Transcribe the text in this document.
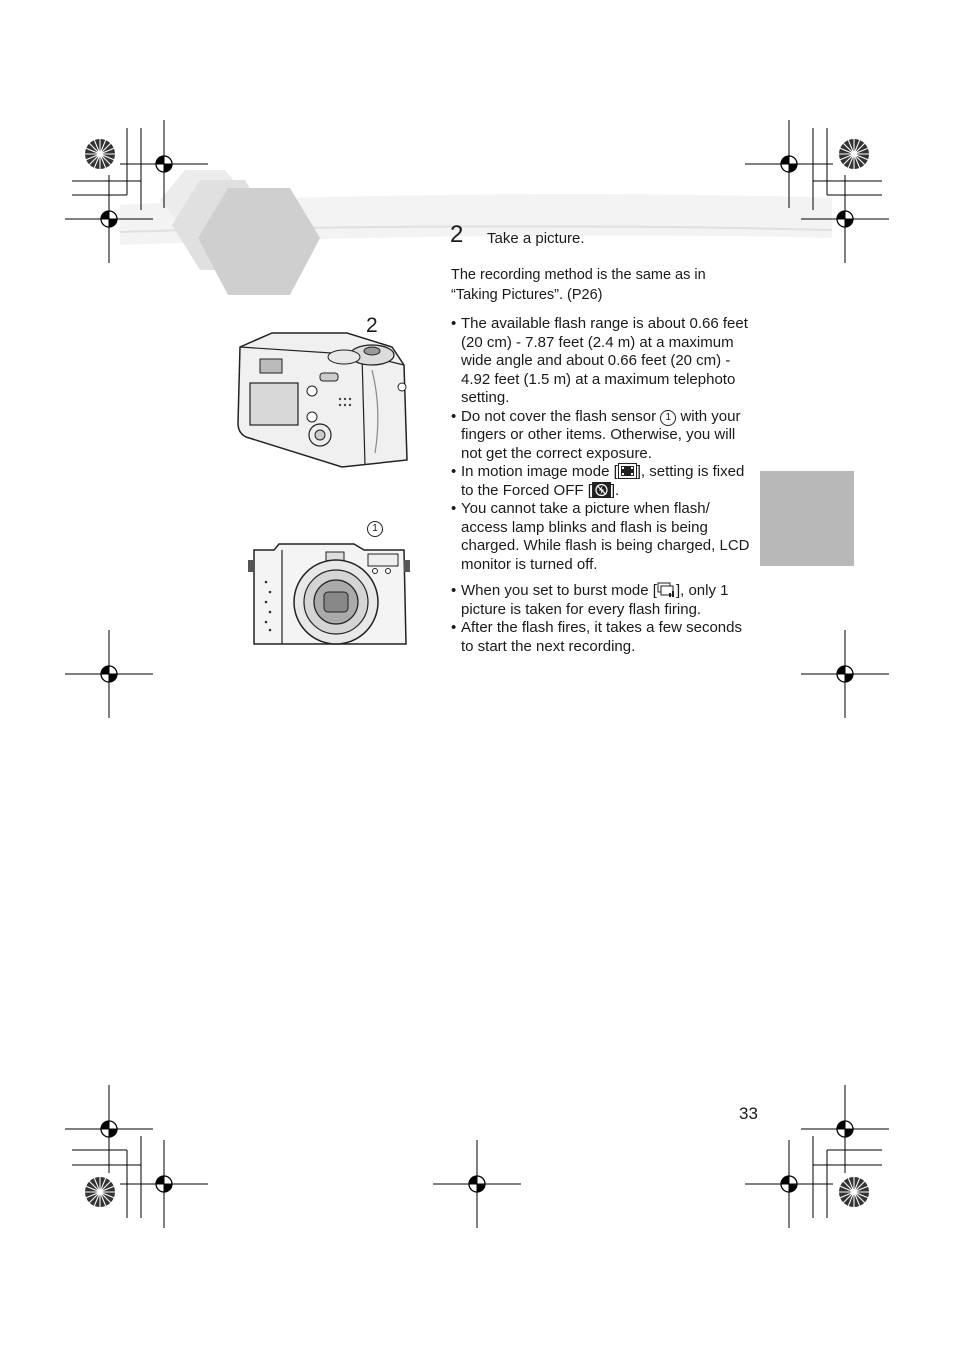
2
1
2 Take a picture.
The recording method is the same as in “Taking Pictures”. (P26)
• The available flash range is about 0.66 feet (20 cm) - 7.87 feet (2.4 m) at a maximum wide angle and about 0.66 feet (20 cm) - 4.92 feet (1.5 m) at a maximum telephoto setting.
• Do not cover the flash sensor 1 with your fingers or other items. Otherwise, you will not get the correct exposure.
• In motion image mode [ ], setting is fixed to the Forced OFF [ ].
• You cannot take a picture when flash/ access lamp blinks and flash is being charged. While flash is being charged, LCD monitor is turned off.
• When you set to burst mode [ ], only 1 picture is taken for every flash firing.
• After the flash fires, it takes a few seconds to start the next recording.
33
